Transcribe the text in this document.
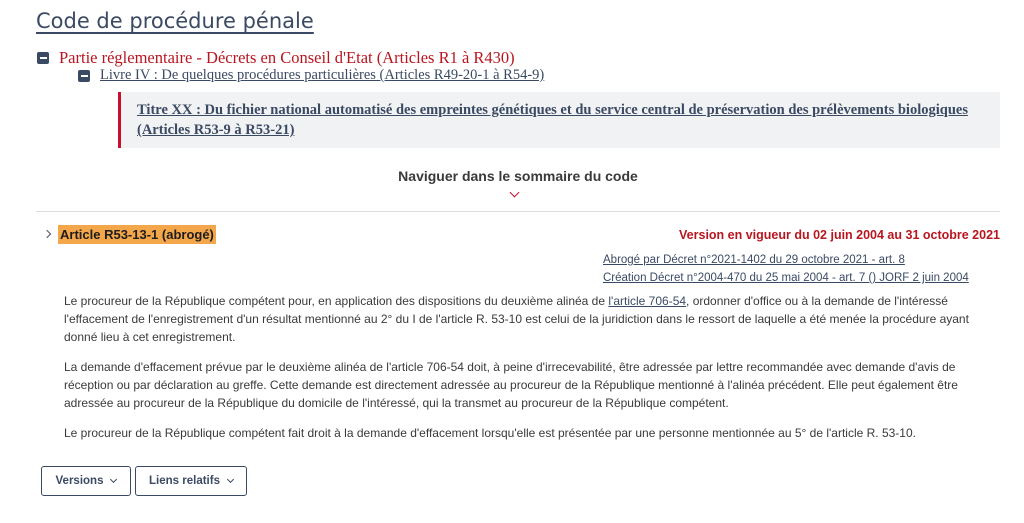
Code de procédure pénale
Partie réglementaire - Décrets en Conseil d'Etat (Articles R1 à R430)
Livre IV : De quelques procédures particulières (Articles R49-20-1 à R54-9)
Titre XX : Du fichier national automatisé des empreintes génétiques et du service central de préservation des prélèvements biologiques (Articles R53-9 à R53-21)
Naviguer dans le sommaire du code
Article R53-13-1 (abrogé)	Version en vigueur du 02 juin 2004 au 31 octobre 2021
Abrogé par Décret n°2021-1402 du 29 octobre 2021 - art. 8
Création Décret n°2004-470 du 25 mai 2004 - art. 7 () JORF 2 juin 2004

Le procureur de la République compétent pour, en application des dispositions du deuxième alinéa de l'article 706-54, ordonner d'office ou à la demande de l'intéressé l'effacement de l'enregistrement d'un résultat mentionné au 2° du I de l'article R. 53-10 est celui de la juridiction dans le ressort de laquelle a été menée la procédure ayant donné lieu à cet enregistrement.

La demande d'effacement prévue par le deuxième alinéa de l'article 706-54 doit, à peine d'irrecevabilité, être adressée par lettre recommandée avec demande d'avis de réception ou par déclaration au greffe. Cette demande est directement adressée au procureur de la République mentionné à l'alinéa précédent. Elle peut également être adressée au procureur de la République du domicile de l'intéressé, qui la transmet au procureur de la République compétent.

Le procureur de la République compétent fait droit à la demande d'effacement lorsqu'elle est présentée par une personne mentionnée au 5° de l'article R. 53-10.

Versions	Liens relatifs
